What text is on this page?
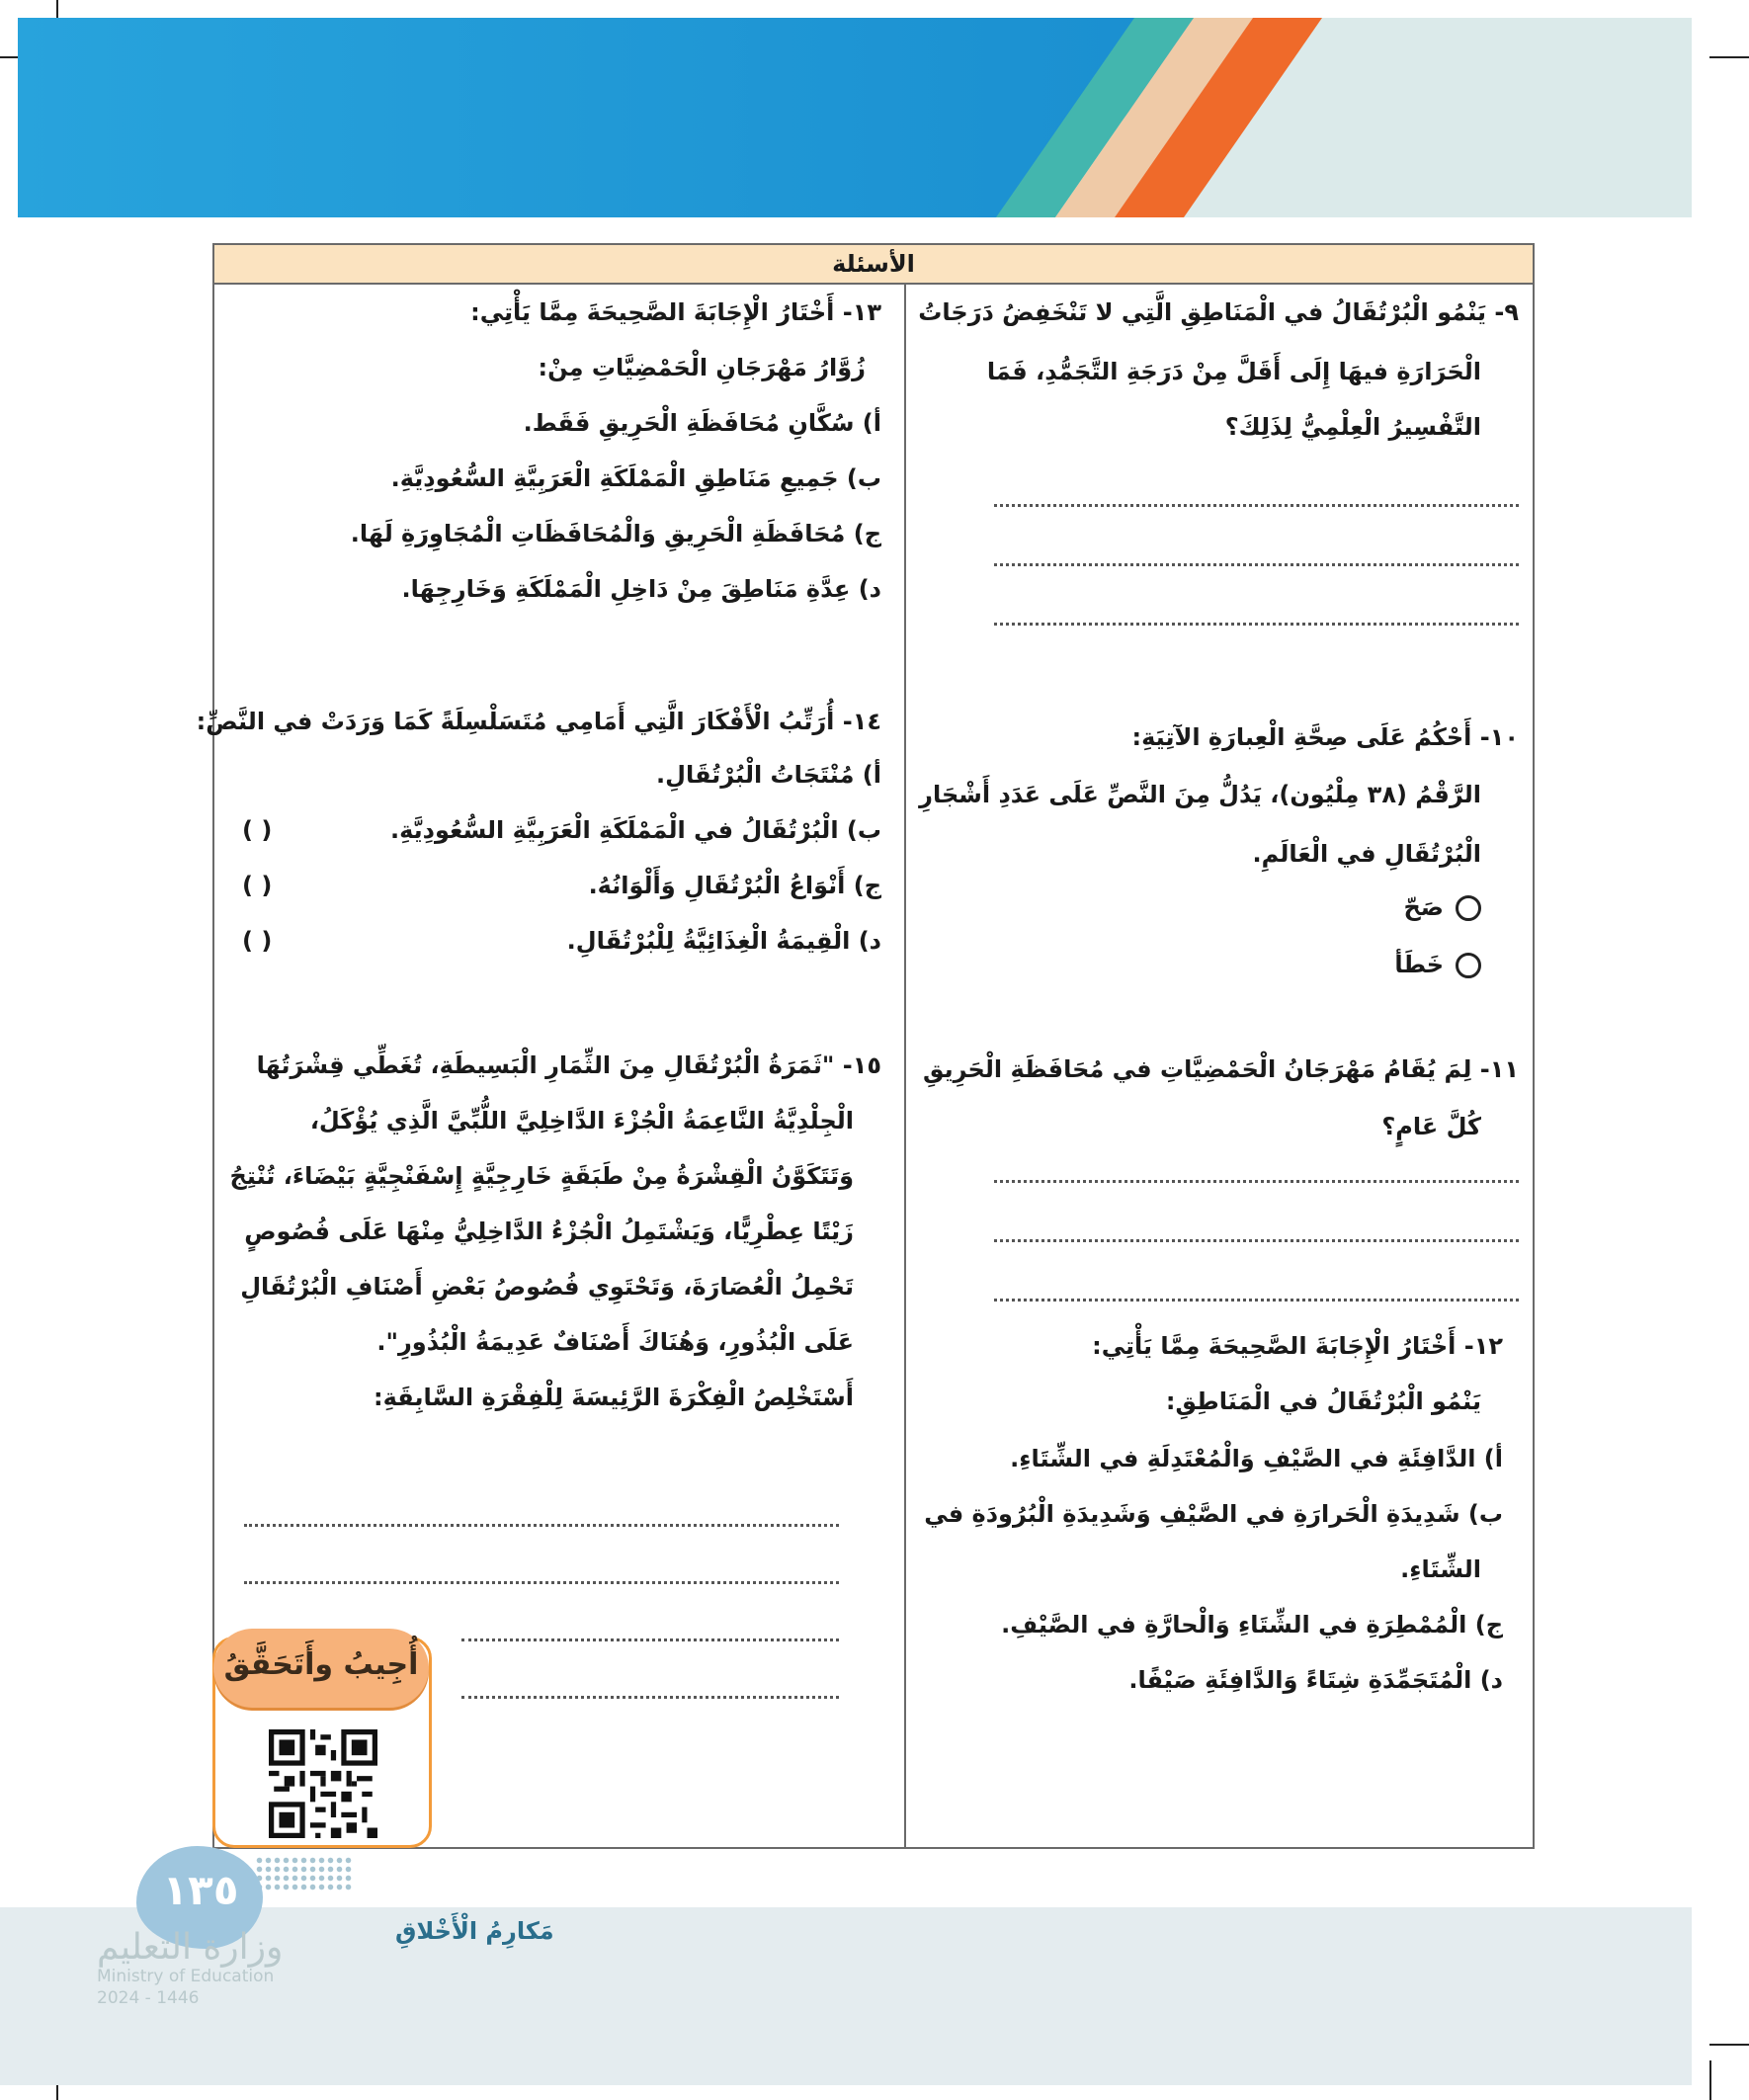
الأسئلة
٩- يَنْمُو الْبُرْتُقَالُ في الْمَنَاطِقِ الَّتِي لا تَنْخَفِضُ دَرَجَاتُ
الْحَرَارَةِ فيهَا إِلَى أَقَلَّ مِنْ دَرَجَةِ التَّجَمُّدِ، فَمَا
التَّفْسِيرُ الْعِلْمِيُّ لِذَلِكَ؟
١٠- أَحْكُمُ عَلَى صِحَّةِ الْعِبارَةِ الآتِيَةِ:
الرَّقْمُ (٣٨ مِلْيُون)، يَدُلُّ مِنَ النَّصِّ عَلَى عَدَدِ أَشْجَارِ
الْبُرْتُقَالِ في الْعَالَمِ.
صَحّ
خَطَأ
١١- لِمَ يُقَامُ مَهْرَجَانُ الْحَمْضِيَّاتِ في مُحَافَظَةِ الْحَرِيقِ
كُلَّ عَامٍ؟
١٢- أَخْتَارُ الْإِجَابَةَ الصَّحِيحَةَ مِمَّا يَأْتِي:
يَنْمُو الْبُرْتُقَالُ في الْمَنَاطِقِ:
أ) الدَّافِئَةِ في الصَّيْفِ وَالْمُعْتَدِلَةِ في الشِّتَاءِ.
ب) شَدِيدَةِ الْحَرارَةِ في الصَّيْفِ وَشَدِيدَةِ الْبُرُودَةِ في
الشِّتَاءِ.
ج) الْمُمْطِرَةِ في الشِّتَاءِ وَالْحارَّةِ في الصَّيْفِ.
د) الْمُتَجَمِّدَةِ شِتَاءً وَالدَّافِئَةِ صَيْفًا.
١٣- أَخْتَارُ الْإِجَابَةَ الصَّحِيحَةَ مِمَّا يَأْتِي:
زُوَّارُ مَهْرَجَانِ الْحَمْضِيَّاتِ مِنْ:
أ) سُكَّانِ مُحَافَظَةِ الْحَرِيقِ فَقَط.
ب) جَمِيعِ مَنَاطِقِ الْمَمْلَكَةِ الْعَرَبِيَّةِ السُّعُودِيَّةِ.
ج) مُحَافَظَةِ الْحَرِيقِ وَالْمُحَافَظَاتِ الْمُجَاوِرَةِ لَهَا.
د) عِدَّةِ مَنَاطِقَ مِنْ دَاخِلِ الْمَمْلَكَةِ وَخَارِجِهَا.
١٤- أُرَتِّبُ الْأَفْكَارَ الَّتِي أَمَامِي مُتَسَلْسِلَةً كَمَا وَرَدَتْ في النَّصِّ:
أ) مُنْتَجَاتُ الْبُرْتُقَالِ.
ب) الْبُرْتُقَالُ في الْمَمْلَكَةِ الْعَرَبِيَّةِ السُّعُودِيَّةِ.
( )
ج) أَنْوَاعُ الْبُرْتُقَالِ وَأَلْوَانُهُ.
( )
د) الْقِيمَةُ الْغِذَائِيَّةُ لِلْبُرْتُقَالِ.
( )
١٥- "ثَمَرَةُ الْبُرْتُقَالِ مِنَ الثِّمَارِ الْبَسِيطَةِ، تُغَطِّي قِشْرَتُهَا
الْجِلْدِيَّةُ النَّاعِمَةُ الْجُزْءَ الدَّاخِلِيَّ اللُّبِّيَّ الَّذِي يُؤْكَلُ،
وَتَتَكَوَّنُ الْقِشْرَةُ مِنْ طَبَقَةٍ خَارِجِيَّةٍ إِسْفَنْجِيَّةٍ بَيْضَاءَ، تُنْتِجُ
زَيْتًا عِطْرِيًّا، وَيَشْتَمِلُ الْجُزْءُ الدَّاخِلِيُّ مِنْهَا عَلَى فُصُوصٍ
تَحْمِلُ الْعُصَارَةَ، وَتَحْتَوِي فُصُوصُ بَعْضِ أَصْنَافِ الْبُرْتُقَالِ
عَلَى الْبُذُورِ، وَهُنَاكَ أَصْنَافٌ عَدِيمَةُ الْبُذُورِ".
أَسْتَخْلِصُ الْفِكْرَةَ الرَّئِيسَةَ لِلْفِقْرَةِ السَّابِقَةِ:
أُجِيبُ وأَتَحَقَّقُ
١٣٥
مَكارِمُ الْأَخْلاقِ
وزارة التعليم
Ministry of Education
2024 - 1446
